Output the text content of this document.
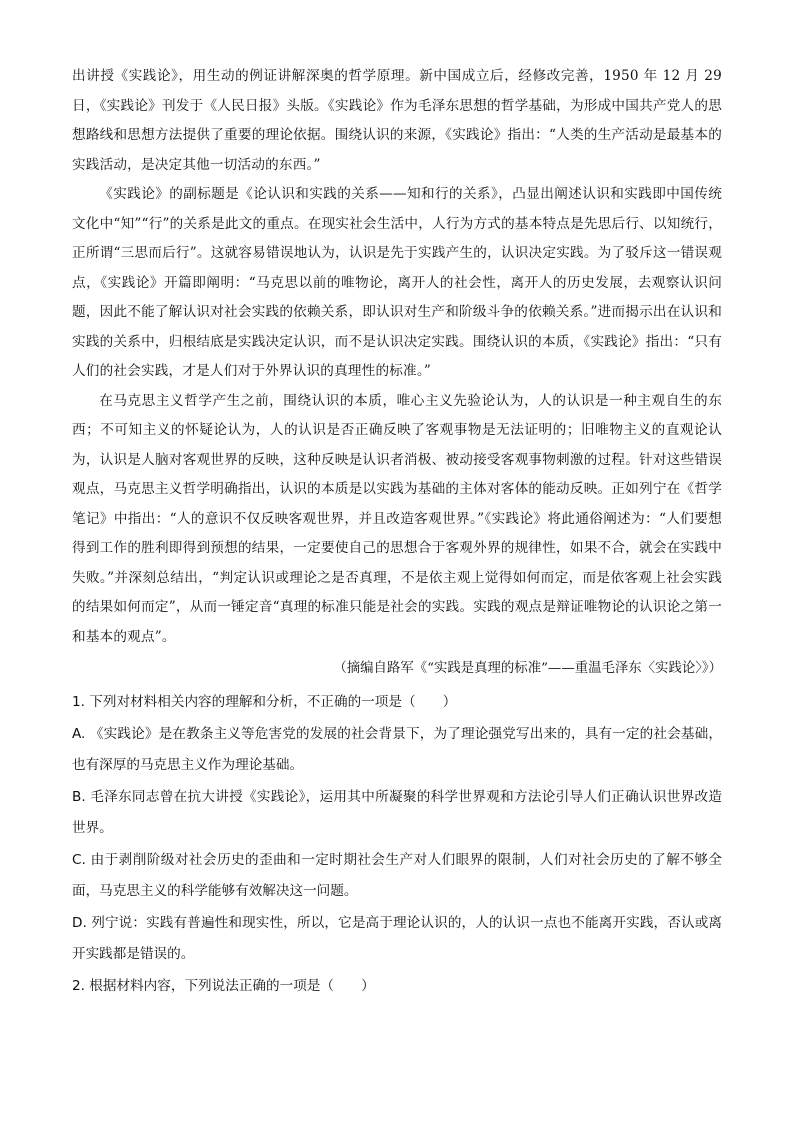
出讲授《实践论》，用生动的例证讲解深奥的哲学原理。新中国成立后，经修改完善，1950 年 12 月 29 日，《实践论》刊发于《人民日报》头版。《实践论》作为毛泽东思想的哲学基础，为形成中国共产党人的思想路线和思想方法提供了重要的理论依据。围绕认识的来源，《实践论》指出：“人类的生产活动是最基本的实践活动，是决定其他一切活动的东西。”

《实践论》的副标题是《论认识和实践的关系——知和行的关系》，凸显出阐述认识和实践即中国传统文化中“知”“行”的关系是此文的重点。在现实社会生活中，人行为方式的基本特点是先思后行、以知统行，正所谓“三思而后行”。这就容易错误地认为，认识是先于实践产生的，认识决定实践。为了驳斥这一错误观点，《实践论》开篇即阐明：“马克思以前的唯物论，离开人的社会性，离开人的历史发展，去观察认识问题，因此不能了解认识对社会实践的依赖关系，即认识对生产和阶级斗争的依赖关系。”进而揭示出在认识和实践的关系中，归根结底是实践决定认识，而不是认识决定实践。围绕认识的本质，《实践论》指出：“只有人们的社会实践，才是人们对于外界认识的真理性的标准。”

在马克思主义哲学产生之前，围绕认识的本质，唯心主义先验论认为，人的认识是一种主观自生的东西；不可知主义的怀疑论认为，人的认识是否正确反映了客观事物是无法证明的；旧唯物主义的直观论认为，认识是人脑对客观世界的反映，这种反映是认识者消极、被动接受客观事物刺激的过程。针对这些错误观点，马克思主义哲学明确指出，认识的本质是以实践为基础的主体对客体的能动反映。正如列宁在《哲学笔记》中指出：“人的意识不仅反映客观世界，并且改造客观世界。”《实践论》将此通俗阐述为：“人们要想得到工作的胜利即得到预想的结果，一定要使自己的思想合于客观外界的规律性，如果不合，就会在实践中失败。”并深刻总结出，“判定认识或理论之是否真理，不是依主观上觉得如何而定，而是依客观上社会实践的结果如何而定”，从而一锤定音“真理的标准只能是社会的实践。实践的观点是辩证唯物论的认识论之第一和基本的观点”。

（摘编自路军《“实践是真理的标准”——重温毛泽东〈实践论〉》）

1. 下列对材料相关内容的理解和分析，不正确的一项是（　　）

A. 《实践论》是在教条主义等危害党的发展的社会背景下，为了理论强党写出来的，具有一定的社会基础，也有深厚的马克思主义作为理论基础。

B. 毛泽东同志曾在抗大讲授《实践论》，运用其中所凝聚的科学世界观和方法论引导人们正确认识世界改造世界。

C. 由于剥削阶级对社会历史的歪曲和一定时期社会生产对人们眼界的限制，人们对社会历史的了解不够全面，马克思主义的科学能够有效解决这一问题。

D. 列宁说：实践有普遍性和现实性，所以，它是高于理论认识的，人的认识一点也不能离开实践，否认或离开实践都是错误的。

2. 根据材料内容，下列说法正确的一项是（　　）
